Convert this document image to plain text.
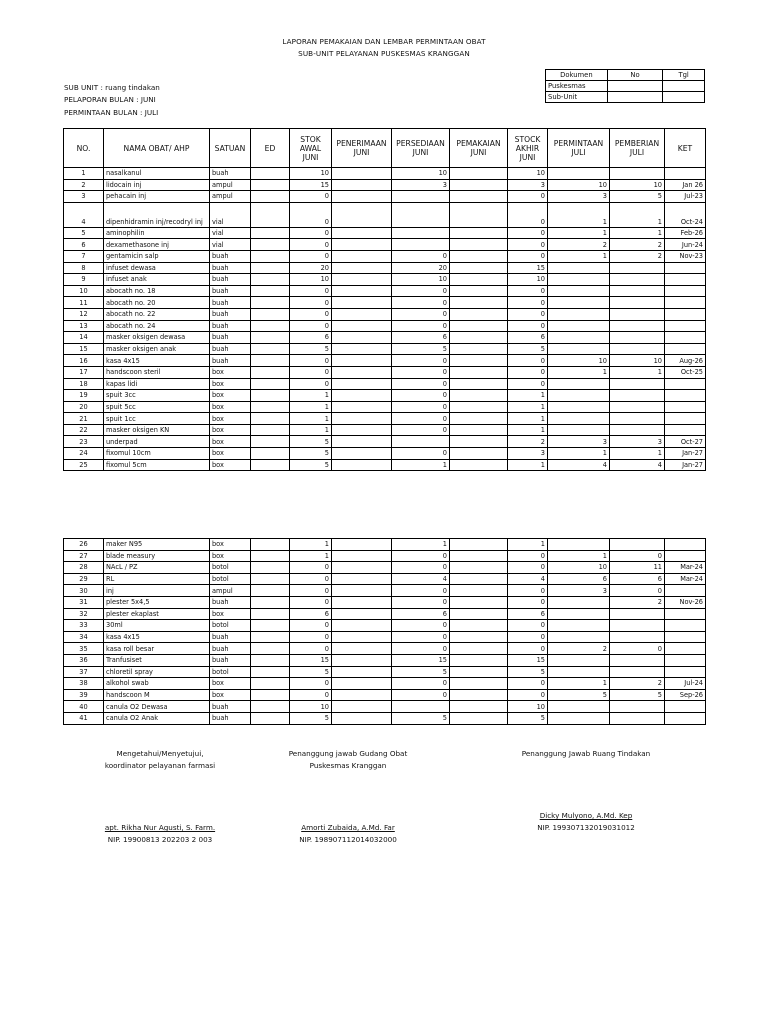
LAPORAN PEMAKAIAN DAN LEMBAR PERMINTAAN OBAT
SUB-UNIT PELAYANAN PUSKESMAS KRANGGAN
SUB UNIT : ruang tindakan
PELAPORAN BULAN : JUNI
PERMINTAAN BULAN : JULI
Dokumen	No	Tgl
Puskesmas		
Sub-Unit		
NO.	NAMA OBAT/ AHP	SATUAN	ED	STOK AWAL JUNI	PENERIMAAN JUNI	PERSEDIAAN JUNI	PEMAKAIAN JUNI	STOCK AKHIR JUNI	PERMINTAAN JULI	PEMBERIAN JULI	KET
1	nasalkanul	buah		10		10		10			
2	lidocain inj	ampul		15		3		3	10	10	Jan 26
3	pehacain inj	ampul		0				0	3	5	Jul-23
4	dipenhidramin inj/recodryl inj	vial		0				0	1	1	Oct-24
5	aminophilin	vial		0				0	1	1	Feb-26
6	dexamethasone inj	vial		0				0	2	2	Jun-24
7	gentamicin salp	buah		0		0		0	1	2	Nov-23
8	infuset dewasa	buah		20		20		15			
9	infuset anak	buah		10		10		10			
10	abocath no. 18	buah		0		0		0			
11	abocath no. 20	buah		0		0		0			
12	abocath no. 22	buah		0		0		0			
13	abocath no. 24	buah		0		0		0			
14	masker oksigen dewasa	buah		6		6		6			
15	masker oksigen anak	buah		5		5		5			
16	kasa 4x15	buah		0		0		0	10	10	Aug-26
17	handscoon steril	box		0		0		0	1	1	Oct-25
18	kapas lidi	box		0		0		0			
19	spuit 3cc	box		1		0		1			
20	spuit 5cc	box		1		0		1			
21	spuit 1cc	box		1		0		1			
22	masker oksigen KN	box		1		0		1			
23	underpad	box		5				2	3	3	Oct-27
24	fixomul 10cm	box		5		0		3	1	1	Jan-27
25	fixomul 5cm	box		5		1		1	4	4	Jan-27
26	maker N95	box		1		1		1			
27	blade measury	box		1		0		0	1	0	
28	NAcL / PZ	botol		0		0		0	10	11	Mar-24
29	RL	botol		0		4		4	6	6	Mar-24
30	inj	ampul		0		0		0	3	0	
31	plester 5x4,5	buah		0		0		0		2	Nov-26
32	plester ekaplast	box		6		6		6			
33	30ml	botol		0		0		0			
34	kasa 4x15	buah		0		0		0			
35	kasa roll besar	buah		0		0		0	2	0	
36	Tranfusiset	buah		15		15		15			
37	chloretil spray	botol		5		5		5			
38	alkohol swab	box		0		0		0	1	2	Jul-24
39	handscoon M	box		0		0		0	5	5	Sep-26
40	canula O2 Dewasa	buah		10				10			
41	canula O2 Anak	buah		5		5		5			
Mengetahui/Menyetujui,
koordinator pelayanan farmasi
apt. Rikha Nur Agusti, S. Farm.
NIP. 19900813 202203 2 003
Penanggung jawab Gudang Obat
Puskesmas Kranggan
Amorti Zubaida, A.Md. Far
NIP. 198907112014032000
Penanggung Jawab Ruang Tindakan
Dicky Mulyono, A.Md. Kep
NIP. 199307132019031012
